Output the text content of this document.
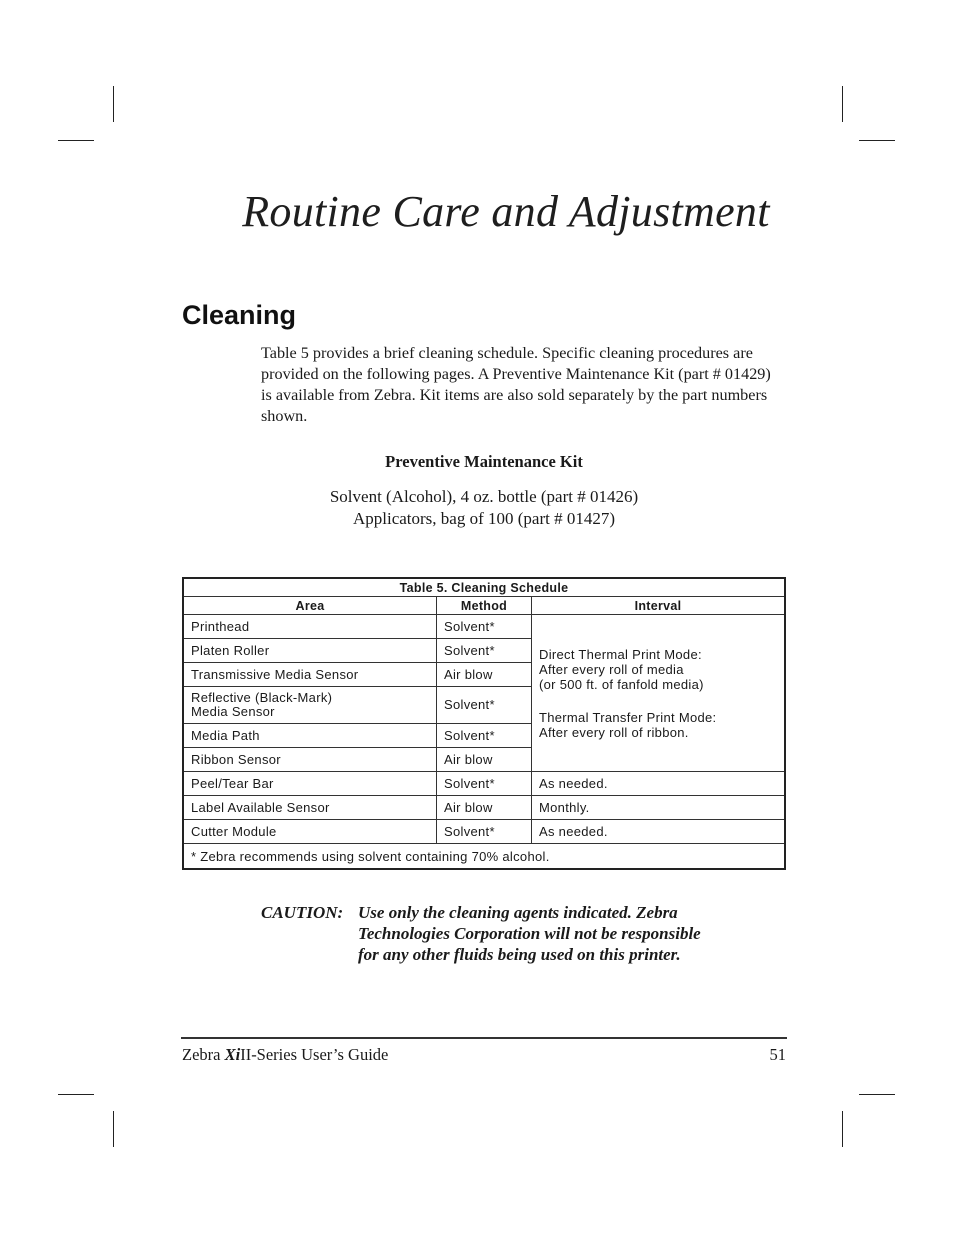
Routine Care and Adjustment
Cleaning

Table 5 provides a brief cleaning schedule. Specific cleaning procedures are provided on the following pages. A Preventive Maintenance Kit (part # 01429) is available from Zebra. Kit items are also sold separately by the part numbers shown.

Preventive Maintenance Kit
Solvent (Alcohol), 4 oz. bottle (part # 01426)
Applicators, bag of 100 (part # 01427)
Table 5. Cleaning Schedule		
Area	Method	Interval
Printhead	Solvent*	Direct Thermal Print Mode:
After every roll of media
(or 500 ft. of fanfold media)
Thermal Transfer Print Mode:
After every roll of ribbon.

Platen Roller	Solvent*	
Transmissive Media Sensor	Air blow	

Reflective (Black-Mark)
Media Sensor	Solvent*	
Media Path	Solvent*	
Ribbon Sensor	Air blow	
Peel/Tear Bar	Solvent*	As needed.
Label Available Sensor	Air blow	Monthly.
Cutter Module	Solvent*	As needed.
* Zebra recommends using solvent containing 70% alcohol.		
CAUTION: Use only the cleaning agents indicated. Zebra
Technologies Corporation will not be responsible
for any other fluids being used on this printer.
Zebra XiII-Series User’s Guide	51
